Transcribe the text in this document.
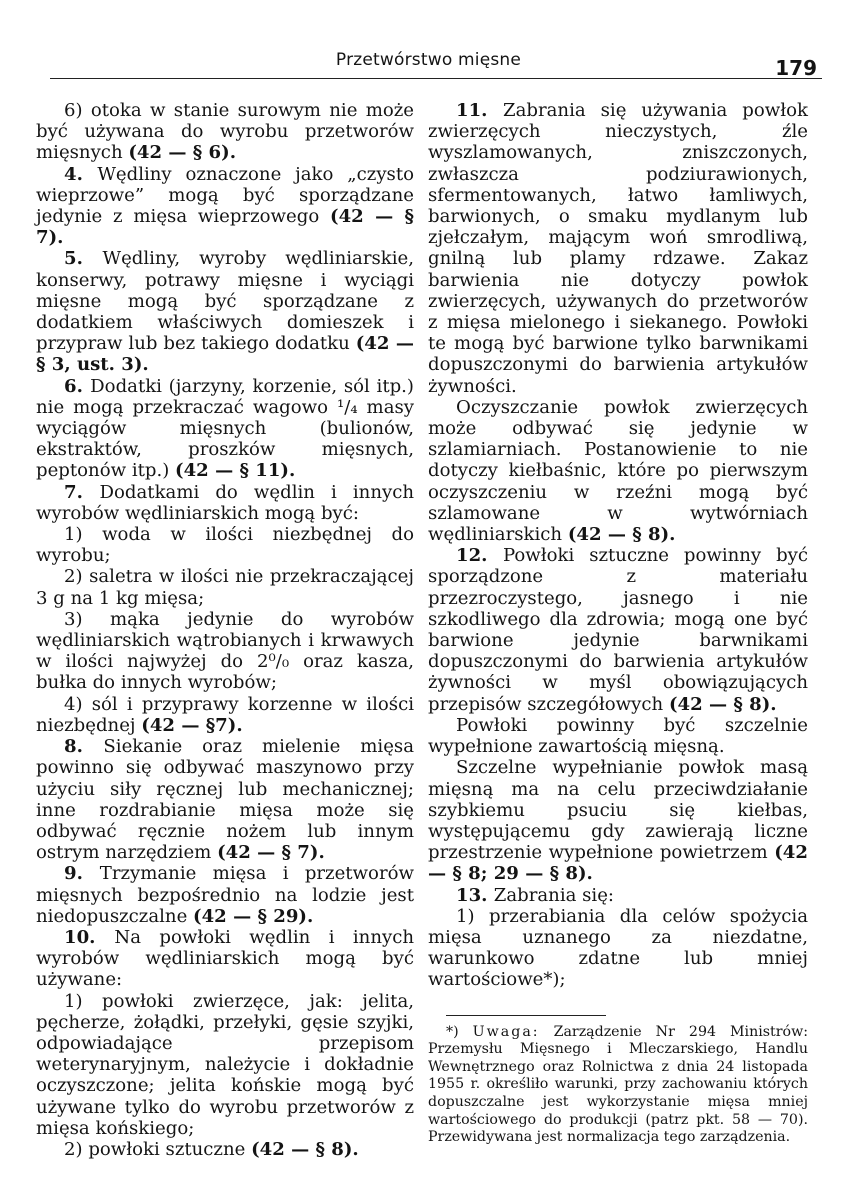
Przetwórstwo mięsne	179

6) otoka w stanie surowym nie może być używana do wyrobu przetworów mięsnych (42 — § 6).

4. Wędliny oznaczone jako „czysto wieprzowe” mogą być sporządzane jedynie z mięsa wieprzowego (42 — § 7).

5. Wędliny, wyroby wędliniarskie, konserwy, potrawy mięsne i wyciągi mięsne mogą być sporządzane z dodatkiem właściwych domieszek i przypraw lub bez takiego dodatku (42 — § 3, ust. 3).

6. Dodatki (jarzyny, korzenie, sól itp.) nie mogą przekraczać wagowo ¹/₄ masy wyciągów mięsnych (bulionów, ekstraktów, proszków mięsnych, peptonów itp.) (42 — § 11).

7. Dodatkami do wędlin i innych wyrobów wędliniarskich mogą być:

1) woda w ilości niezbędnej do wyrobu;

2) saletra w ilości nie przekraczającej 3 g na 1 kg mięsa;

3) mąka jedynie do wyrobów wędliniarskich wątrobianych i krwawych w ilości najwyżej do 2⁰/₀ oraz kasza, bułka do innych wyrobów;

4) sól i przyprawy korzenne w ilości niezbędnej (42 — §7).

8. Siekanie oraz mielenie mięsa powinno się odbywać maszynowo przy użyciu siły ręcznej lub mechanicznej; inne rozdrabianie mięsa może się odbywać ręcznie nożem lub innym ostrym narzędziem (42 — § 7).

9. Trzymanie mięsa i przetworów mięsnych bezpośrednio na lodzie jest niedopuszczalne (42 — § 29).

10. Na powłoki wędlin i innych wyrobów wędliniarskich mogą być używane:

1) powłoki zwierzęce, jak: jelita, pęcherze, żołądki, przełyki, gęsie szyjki, odpowiadające przepisom weterynaryjnym, należycie i dokładnie oczyszczone; jelita końskie mogą być używane tylko do wyrobu przetworów z mięsa końskiego;

2) powłoki sztuczne (42 — § 8).

11. Zabrania się używania powłok zwierzęcych nieczystych, źle wyszlamowanych, zniszczonych, zwłaszcza podziurawionych, sfermentowanych, łatwo łamliwych, barwionych, o smaku mydlanym lub zjełczałym, mającym woń smrodliwą, gnilną lub plamy rdzawe. Zakaz barwienia nie dotyczy powłok zwierzęcych, używanych do przetworów z mięsa mielonego i siekanego. Powłoki te mogą być barwione tylko barwnikami dopuszczonymi do barwienia artykułów żywności.

Oczyszczanie powłok zwierzęcych może odbywać się jedynie w szlamiarniach. Postanowienie to nie dotyczy kiełbaśnic, które po pierwszym oczyszczeniu w rzeźni mogą być szlamowane w wytwórniach wędliniarskich (42 — § 8).

12. Powłoki sztuczne powinny być sporządzone z materiału przezroczystego, jasnego i nie szkodliwego dla zdrowia; mogą one być barwione jedynie barwnikami dopuszczonymi do barwienia artykułów żywności w myśl obowiązujących przepisów szczegółowych (42 — § 8).

Powłoki powinny być szczelnie wypełnione zawartością mięsną.

Szczelne wypełnianie powłok masą mięsną ma na celu przeciwdziałanie szybkiemu psuciu się kiełbas, występującemu gdy zawierają liczne przestrzenie wypełnione powietrzem (42 — § 8; 29 — § 8).

13. Zabrania się:

1) przerabiania dla celów spożycia mięsa uznanego za niezdatne, warunkowo zdatne lub mniej wartościowe*);

*) Uwaga: Zarządzenie Nr 294 Ministrów: Przemysłu Mięsnego i Mleczarskiego, Handlu Wewnętrznego oraz Rolnictwa z dnia 24 listopada 1955 r. określiło warunki, przy zachowaniu których dopuszczalne jest wykorzystanie mięsa mniej wartościowego do produkcji (patrz pkt. 58 — 70). Przewidywana jest normalizacja tego zarządzenia.
